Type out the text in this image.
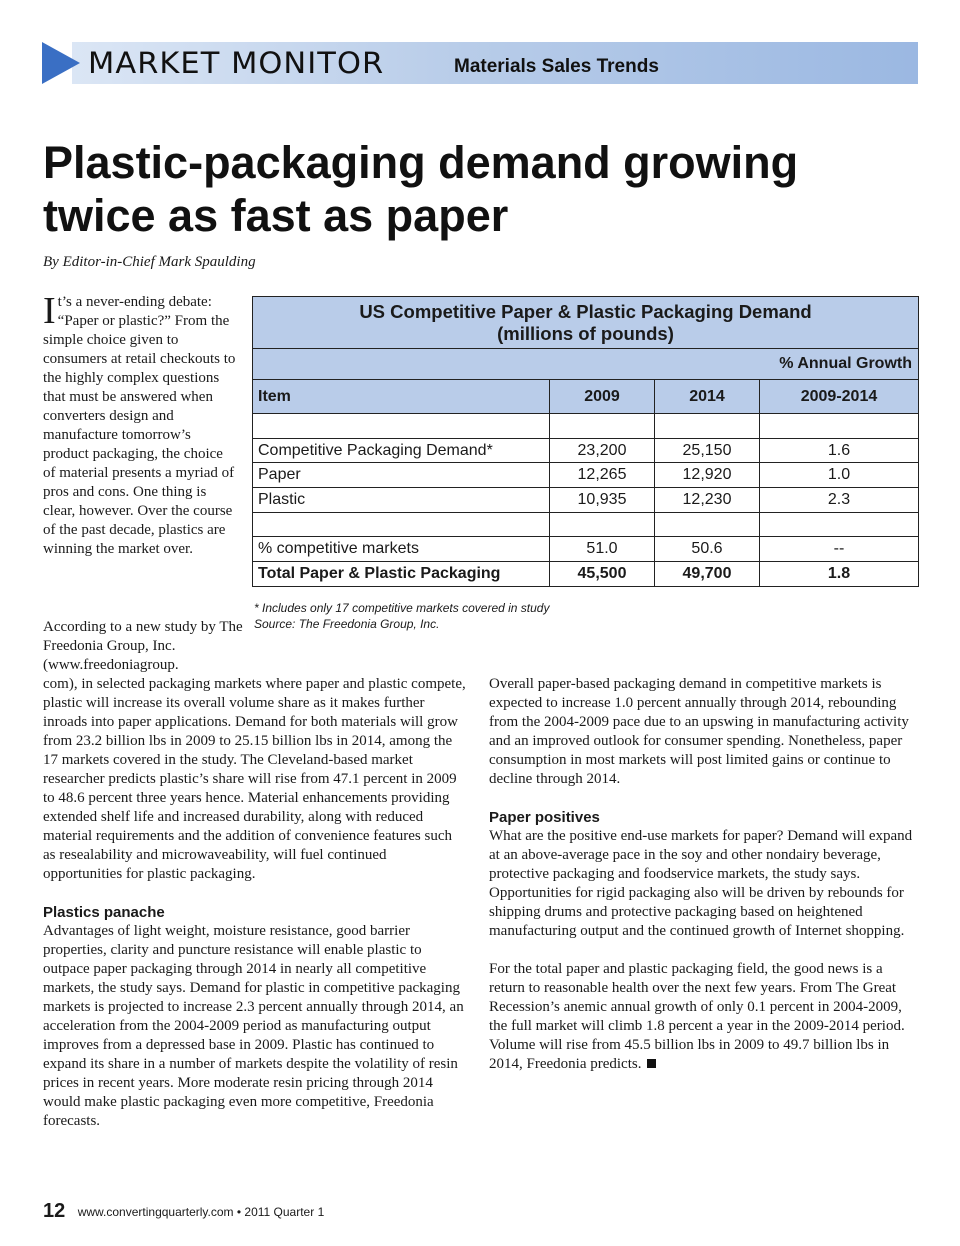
MARKET MONITOR	Materials Sales Trends
Plastic-packaging demand growing twice as fast as paper
By Editor-in-Chief Mark Spaulding
It’s a never-ending debate: “Paper or plastic?” From the simple choice given to consumers at retail checkouts to the highly complex questions that must be answered when converters design and manufacture tomorrow’s product packaging, the choice of material presents a myriad of pros and cons. One thing is clear, however. Over the course of the past decade, plastics are winning the market over.
According to a new study by The Freedonia Group, Inc. (www.freedoniagroup.

com), in selected packaging markets where paper and plastic compete, plastic will increase its overall volume share as it makes further inroads into paper applications. Demand for both materials will grow from 23.2 billion lbs in 2009 to 25.15 billion lbs in 2014, among the 17 markets covered in the study. The Cleveland-based market researcher predicts plastic’s share will rise from 47.1 percent in 2009 to 48.6 percent three years hence. Material enhancements providing extended shelf life and increased durability, along with reduced material requirements and the addition of convenience features such as resealability and microwaveability, will fuel continued opportunities for plastic packaging.

Plastics panache

Advantages of light weight, moisture resistance, good barrier properties, clarity and puncture resistance will enable plastic to outpace paper packaging through 2014 in nearly all competitive markets, the study says. Demand for plastic in competitive packaging markets is projected to increase 2.3 percent annually through 2014, an acceleration from the 2004-2009 period as manufacturing output improves from a depressed base in 2009. Plastic has continued to expand its share in a number of markets despite the volatility of resin prices in recent years. More moderate resin pricing through 2014 would make plastic packaging even more competitive, Freedonia forecasts.

Overall paper-based packaging demand in competitive markets is expected to increase 1.0 percent annually through 2014, rebounding from the 2004-2009 pace due to an upswing in manufacturing activity and an improved outlook for consumer spending. Nonetheless, paper consumption in most markets will post limited gains or continue to decline through 2014.

Paper positives

What are the positive end-use markets for paper? Demand will expand at an above-average pace in the soy and other nondairy beverage, protective packaging and foodservice markets, the study says. Opportunities for rigid packaging also will be driven by rebounds for shipping drums and protective packaging based on heightened manufacturing output and the continued growth of Internet shopping.

For the total paper and plastic packaging field, the good news is a return to reasonable health over the next few years. From The Great Recession’s anemic annual growth of only 0.1 percent in 2004-2009, the full market will climb 1.8 percent a year in the 2009-2014 period. Volume will rise from 45.5 billion lbs in 2009 to 49.7 billion lbs in 2014, Freedonia predicts.

US Competitive Paper & Plastic Packaging Demand
(millions of pounds)			

% Annual Growth			
Item	2009	2014	2009-2014

Competitive Packaging Demand*	23,200	25,150	1.6
Paper	12,265	12,920	1.0
Plastic	10,935	12,230	2.3

% competitive markets	51.0	50.6	--
Total Paper & Plastic Packaging	45,500	49,700	1.8
* Includes only 17 competitive markets covered in study
Source: The Freedonia Group, Inc.
12 www.convertingquarterly.com • 2011 Quarter 1
